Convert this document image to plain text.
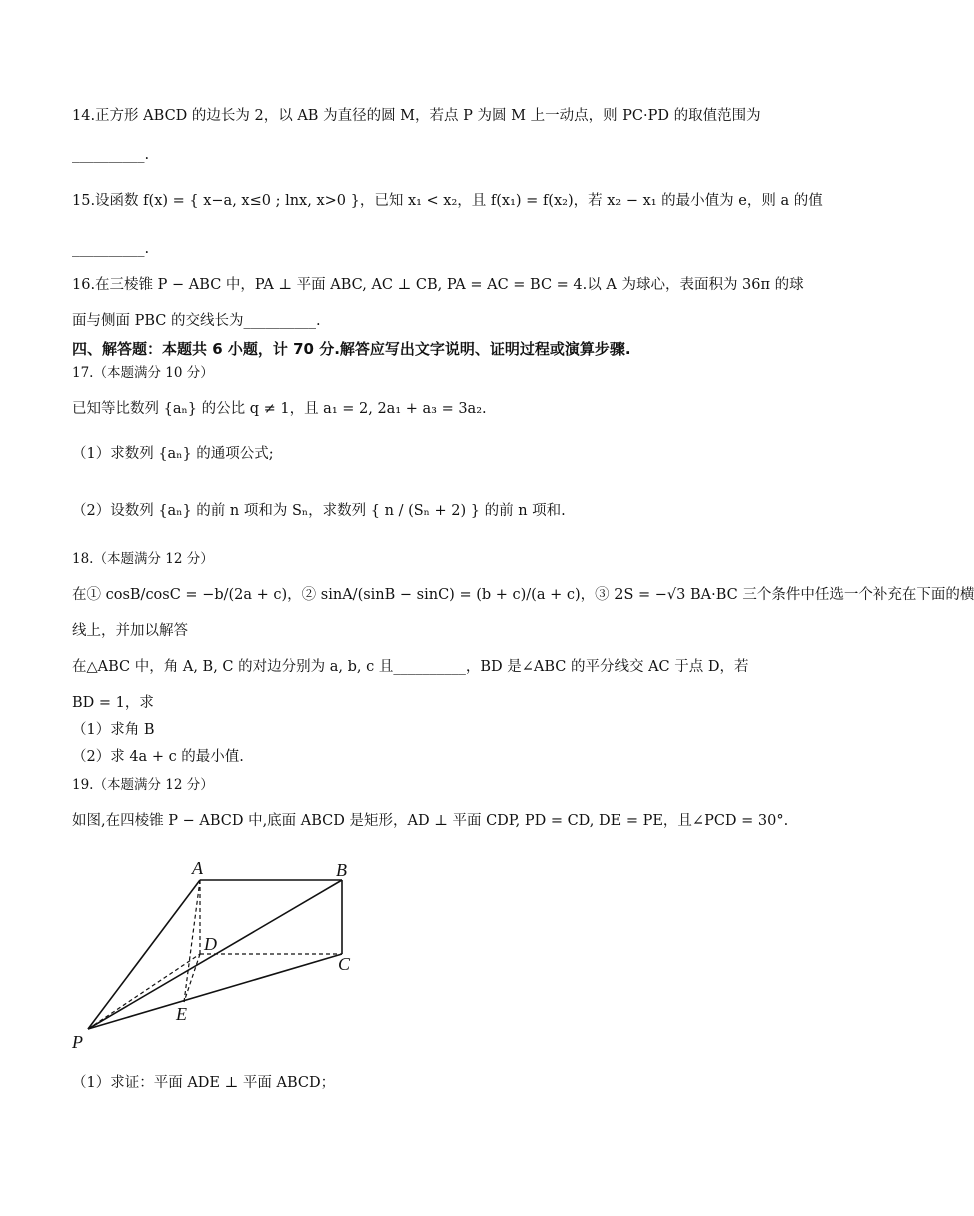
14.正方形 ABCD 的边长为 2，以 AB 为直径的圆 M，若点 P 为圆 M 上一动点，则 PC·PD 的取值范围为
__________.
15.设函数 f(x) = { x−a, x≤0 ; lnx, x>0 }，已知 x₁ < x₂，且 f(x₁) = f(x₂)，若 x₂ − x₁ 的最小值为 e，则 a 的值
__________.
16.在三棱锥 P − ABC 中，PA ⊥ 平面 ABC, AC ⊥ CB, PA = AC = BC = 4.以 A 为球心，表面积为 36π 的球
面与侧面 PBC 的交线长为__________.
四、解答题：本题共 6 小题，计 70 分.解答应写出文字说明、证明过程或演算步骤.
17.（本题满分 10 分）
已知等比数列 {aₙ} 的公比 q ≠ 1，且 a₁ = 2, 2a₁ + a₃ = 3a₂.
（1）求数列 {aₙ} 的通项公式;
（2）设数列 {aₙ} 的前 n 项和为 Sₙ，求数列 { n / (Sₙ + 2) } 的前 n 项和.
18.（本题满分 12 分）
在① cosB/cosC = −b/(2a + c)，② sinA/(sinB − sinC) = (b + c)/(a + c)，③ 2S = −√3 BA·BC 三个条件中任选一个补充在下面的横
线上，并加以解答
在△ABC 中，角 A, B, C 的对边分别为 a, b, c 且__________，BD 是∠ABC 的平分线交 AC 于点 D，若
BD = 1，求
（1）求角 B
（2）求 4a + c 的最小值.
19.（本题满分 12 分）
如图,在四棱锥 P − ABCD 中,底面 ABCD 是矩形，AD ⊥ 平面 CDP, PD = CD, DE = PE，且∠PCD = 30°.
A	B
C
D
E
P
（1）求证：平面 ADE ⊥ 平面 ABCD；
